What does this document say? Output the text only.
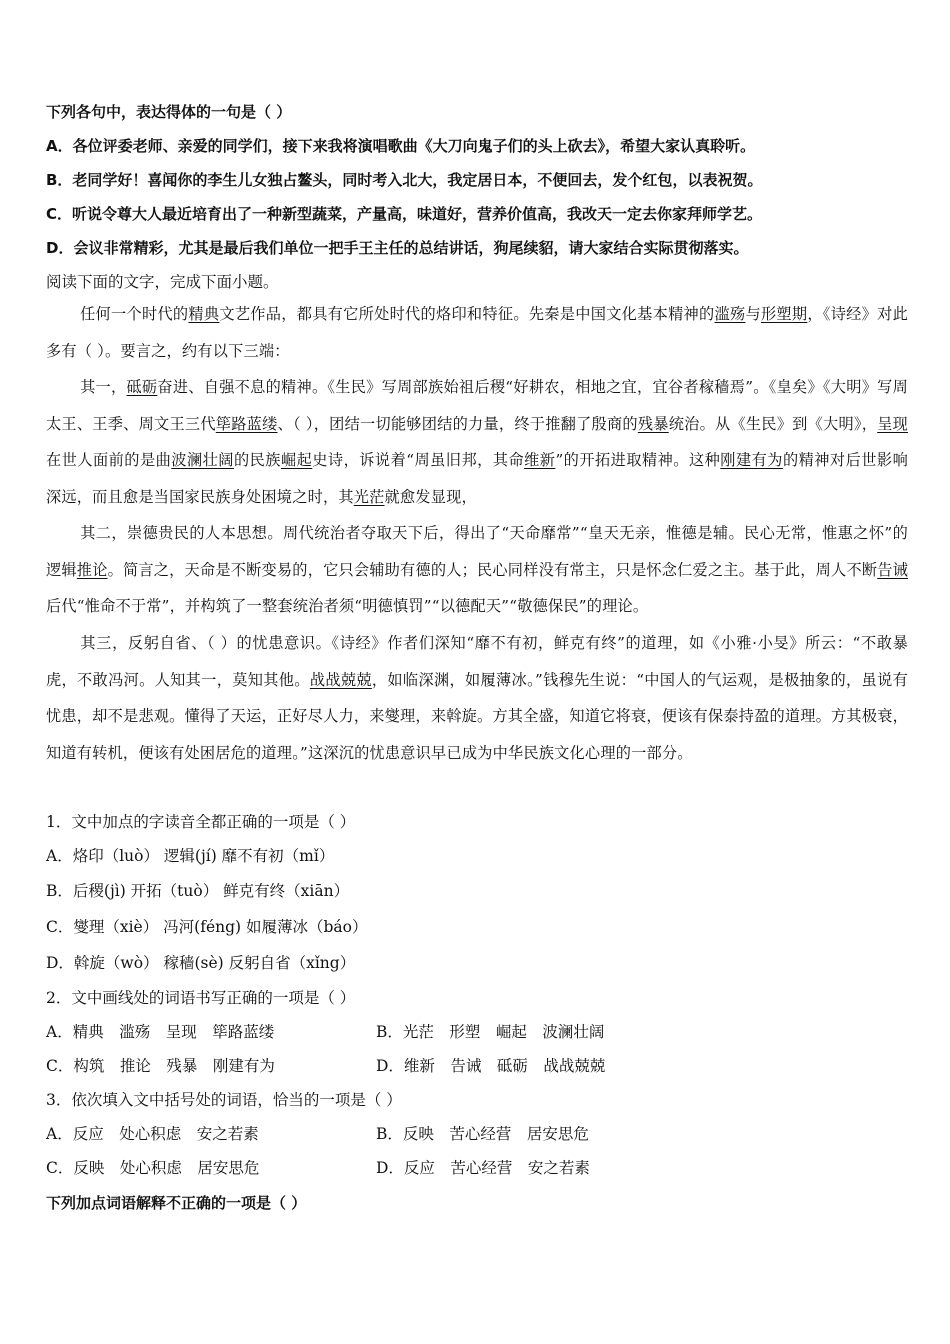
下列各句中，表达得体的一句是（ ）
A．各位评委老师、亲爱的同学们，接下来我将演唱歌曲《大刀向鬼子们的头上砍去》，希望大家认真聆听。
B．老同学好！喜闻你的李生儿女独占鳌头，同时考入北大，我定居日本，不便回去，发个红包，以表祝贺。
C．听说令尊大人最近培育出了一种新型蔬菜，产量高，味道好，营养价值高，我改天一定去你家拜师学艺。
D．会议非常精彩，尤其是最后我们单位一把手王主任的总结讲话，狗尾续貂，请大家结合实际贯彻落实。
阅读下面的文字，完成下面小题。
任何一个时代的精典文艺作品，都具有它所处时代的烙印和特征。先秦是中国文化基本精神的滥殇与形塑期，《诗经》对此多有（ ）。要言之，约有以下三端：
其一，砥砺奋进、自强不息的精神。《生民》写周部族始祖后稷“好耕农，相地之宜，宜谷者稼穑焉”。《皇矣》《大明》写周太王、王季、周文王三代筚路蓝缕、（ ），团结一切能够团结的力量，终于推翻了殷商的残暴统治。从《生民》到《大明》，呈现在世人面前的是曲波澜壮阔的民族崛起史诗，诉说着“周虽旧邦，其命维新”的开拓进取精神。这种刚建有为的精神对后世影响深远，而且愈是当国家民族身处困境之时，其光茫就愈发显现，
其二，崇德贵民的人本思想。周代统治者夺取天下后，得出了“天命靡常”“皇天无亲，惟德是辅。民心无常，惟惠之怀”的逻辑推论。简言之，天命是不断变易的，它只会辅助有德的人；民心同样没有常主，只是怀念仁爱之主。基于此，周人不断告诫后代“惟命不于常”，并构筑了一整套统治者须“明德慎罚”“以德配天”“敬德保民”的理论。
其三，反躬自省、（ ）的忧患意识。《诗经》作者们深知“靡不有初，鲜克有终”的道理，如《小雅·小旻》所云：“不敢暴虎，不敢冯河。人知其一，莫知其他。战战兢兢，如临深渊，如履薄冰。”钱穆先生说：“中国人的气运观，是极抽象的，虽说有忧患，却不是悲观。懂得了天运，正好尽人力，来燮理，来斡旋。方其全盛，知道它将衰，便该有保泰持盈的道理。方其极衰，知道有转机，便该有处困居危的道理。”这深沉的忧患意识早已成为中华民族文化心理的一部分。
1．文中加点的字读音全都正确的一项是（ ）
A．烙印（luò） 逻辑(jí) 靡不有初（mǐ）
B．后稷(jì) 开拓（tuò） 鲜克有终（xiān）
C．燮理（xiè） 冯河(féng) 如履薄冰（báo）
D．斡旋（wò） 稼穑(sè) 反躬自省（xǐng）
2．文中画线处的词语书写正确的一项是（ ）
A．精典　滥殇　呈现　筚路蓝缕	B．光茫　形塑　崛起　波澜壮阔
C．构筑　推论　残暴　刚建有为	D．维新　告诫　砥砺　战战兢兢
3．依次填入文中括号处的词语，恰当的一项是（ ）
A．反应　处心积虑　安之若素	B．反映　苦心经营　居安思危
C．反映　处心积虑　居安思危	D．反应　苦心经营　安之若素
下列加点词语解释不正确的一项是（ ）
